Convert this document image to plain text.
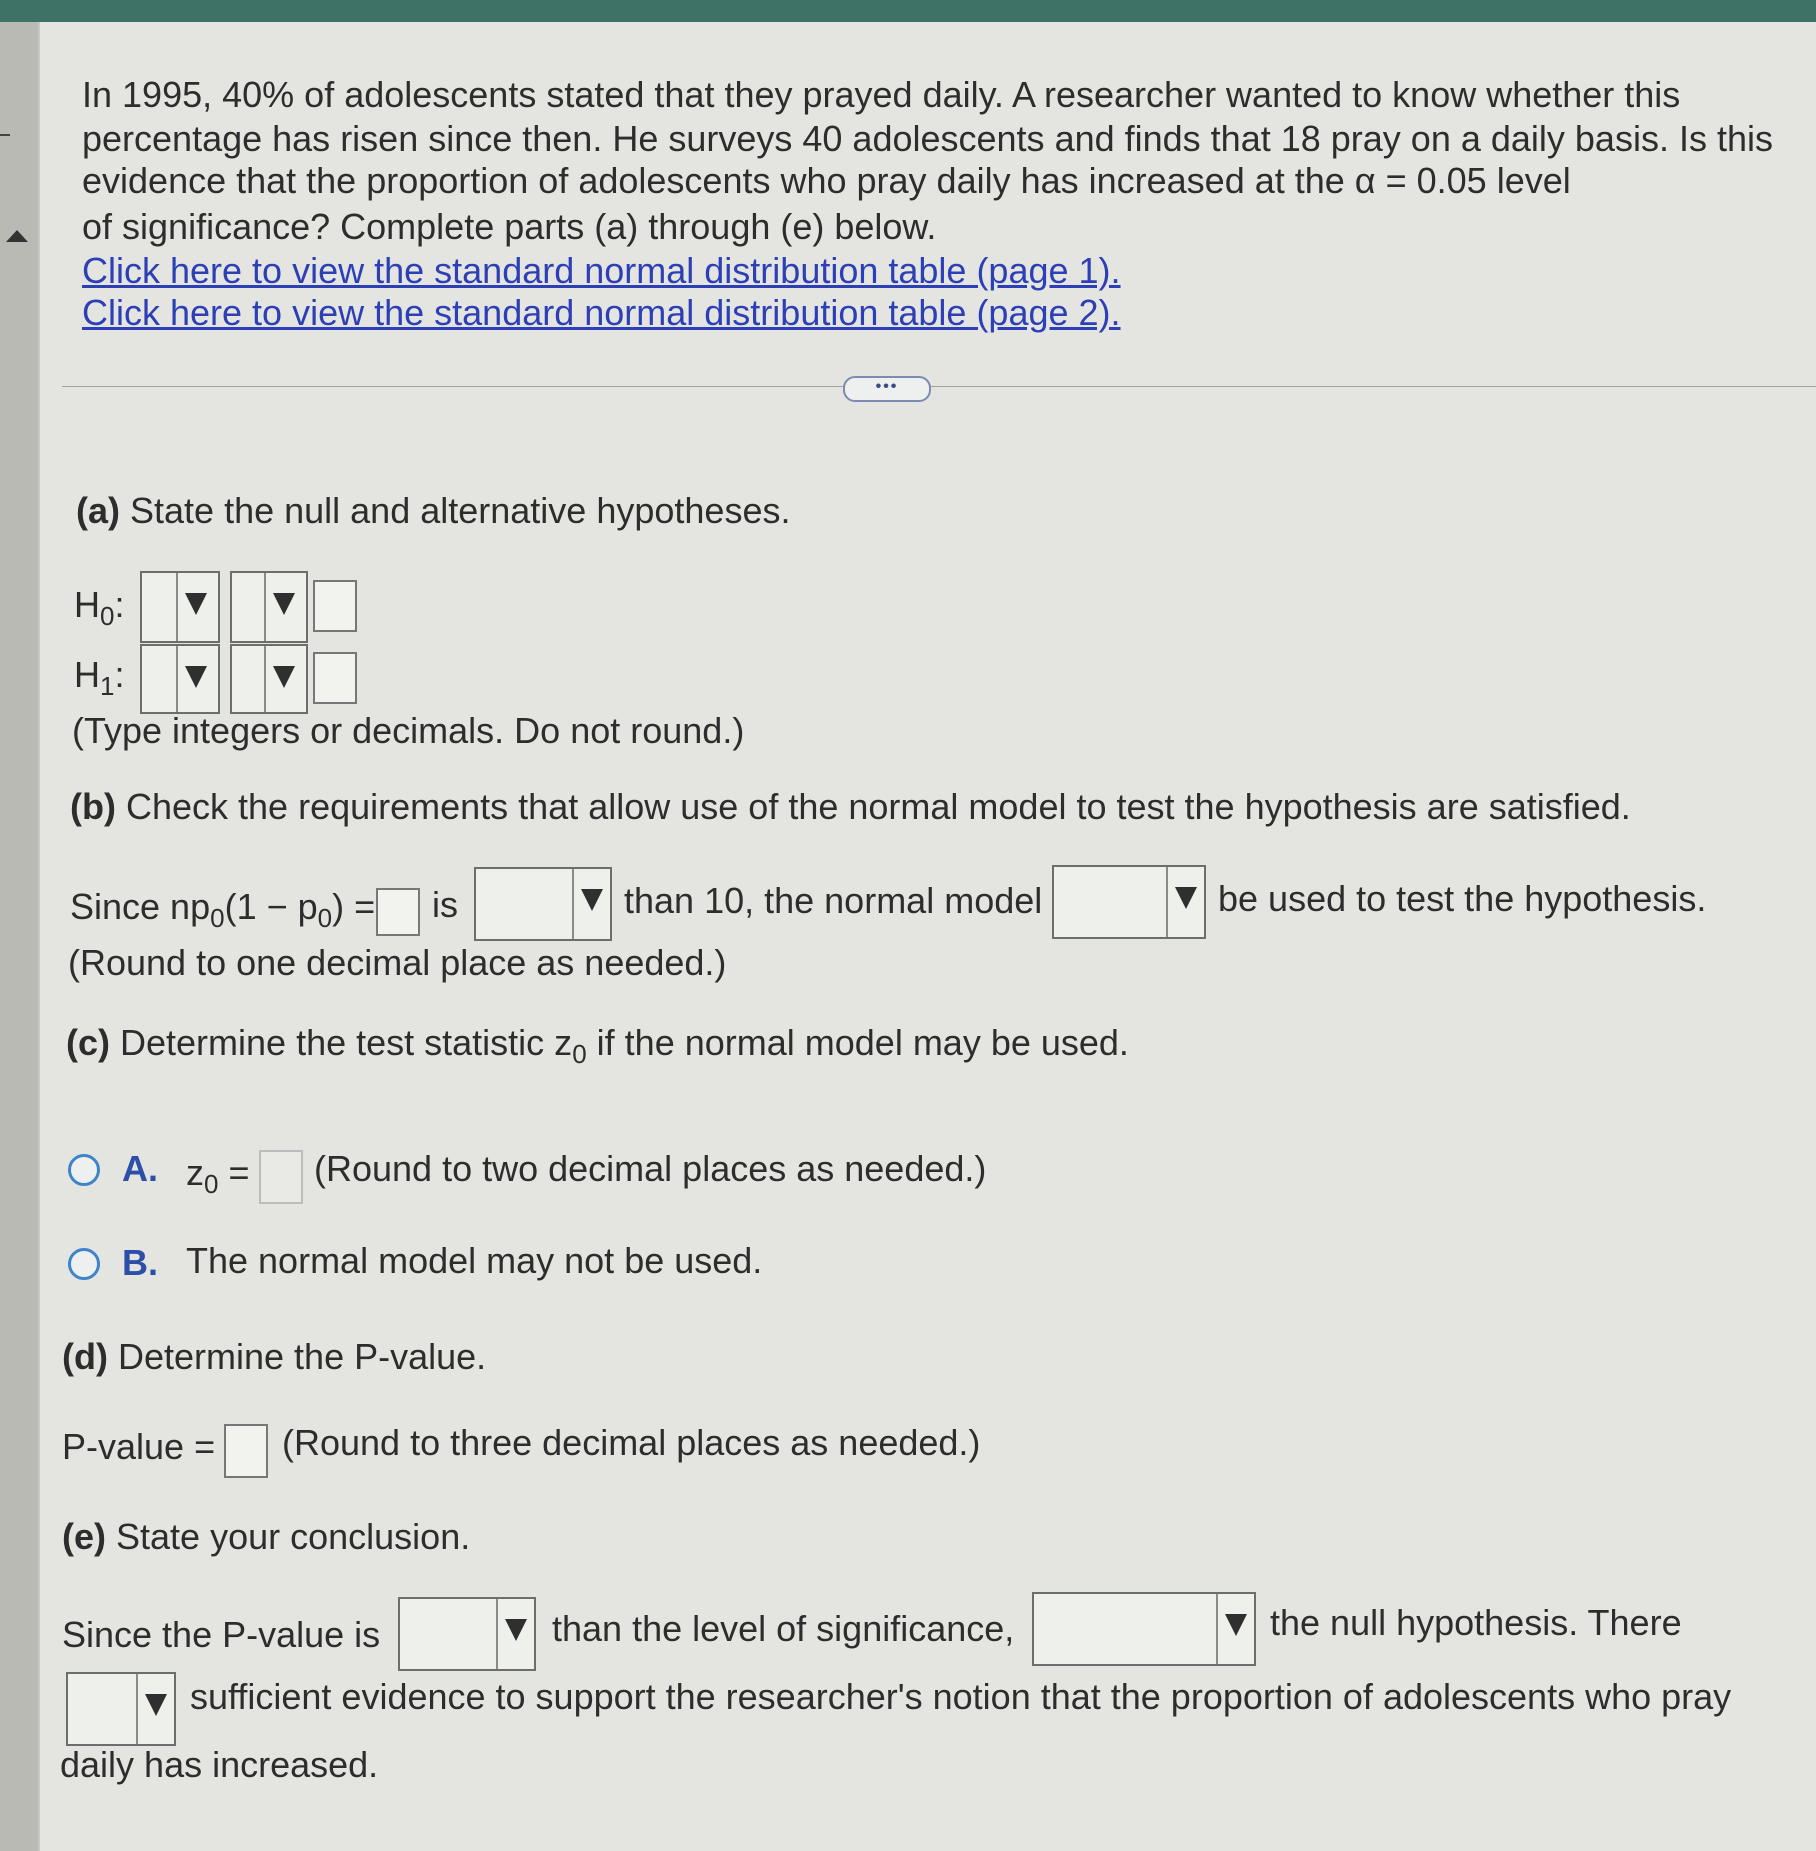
In 1995, 40% of adolescents stated that they prayed daily. A researcher wanted to know whether this
percentage has risen since then. He surveys 40 adolescents and finds that 18 pray on a daily basis. Is this
evidence that the proportion of adolescents who pray daily has increased at the α = 0.05 level
of significance? Complete parts (a) through (e) below.
Click here to view the standard normal distribution table (page 1).
Click here to view the standard normal distribution table (page 2).
•••
(a) State the null and alternative hypotheses.
$H_0$:
$H_1$:
(Type integers or decimals. Do not round.)
(b) Check the requirements that allow use of the normal model to test the hypothesis are satisfied.
Since $np_0(1 - p_0)$ = is	than 10, the normal model	be used to test the hypothesis.
(Round to one decimal place as needed.)
(c) Determine the test statistic $z_0$ if the normal model may be used.
A. $z_0$ = (Round to two decimal places as needed.)
B. The normal model may not be used.
(d) Determine the P-value.
P-value = (Round to three decimal places as needed.)
(e) State your conclusion.
Since the P-value is	than the level of significance,	the null hypothesis. There
sufficient evidence to support the researcher's notion that the proportion of adolescents who pray
daily has increased.
